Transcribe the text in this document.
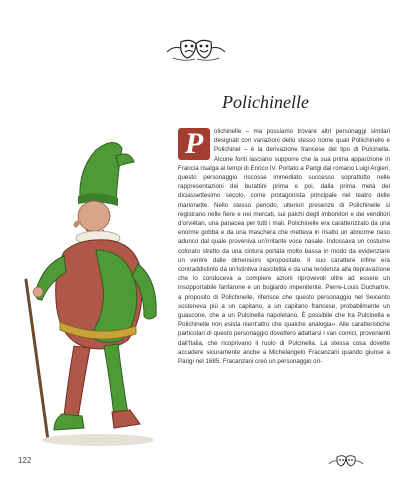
Polichinelle
P	olichinelle – ma possiamo trovare altri personaggi similari designati con variazioni dello stesso nome quali Pollichinello e Polichinel – è la derivazione francese del tipo di Pulcinella. Alcune fonti lasciano supporre che la sua prima apparizione in Francia risalga ai tempi di Enrico IV. Portato a Parigi dal romano Luigi Argieri, questo personaggio riscosse immediato successo soprattutto nelle rappresentazioni dei burattini prima e poi, dalla prima metà del diciassettesimo secolo, come protagonista principale nel teatro delle marionette. Nello stesso periodo, ulteriori presenze di Polichinelle si registrano nelle fiere e nei mercati, sui palchi degli imbonitori e dei venditori d'orviétan, una panacea per tutti i mali. Polichinelle era caratterizzato da una enorme gobba e da una maschera che metteva in risalto un abnorme naso adunco dal quale proveniva un'irritante voce nasale. Indossava un costume colorato stretto da una cintura portata molto bassa in modo da evidenziare un ventre dalle dimensioni spropositate. Il suo carattere infine era contraddistinto da un'istintiva irascibilità e da una tendenza alla depravazione che lo conduceva a compiere azioni riprovevoli oltre ad essere un insopportabile fanfarone e un bugiardo impenitente. Pierre-Louis Duchartre, a proposito di Polichinelle, riferisce che questo personaggio nel Seicento sosteneva più a un capitano, a un capitano francese, probabilmente un guascone, che a un Pulcinella napoletano. È possibile che tra Pulcinella e Polichinelle non esista nient'altro che qualche analogia». Alle caratteristiche particolari di questo personaggio dovettero adattarsi i van comici, provenienti dall'Italia, che ricoprivano il ruolo di Pulcinella. La stessa cosa dovette accadere sicuramente anche a Michelangelo Fracanzani quando giunse a Parigi nel 1685. Fracanzani creò un personaggio ori-
122
